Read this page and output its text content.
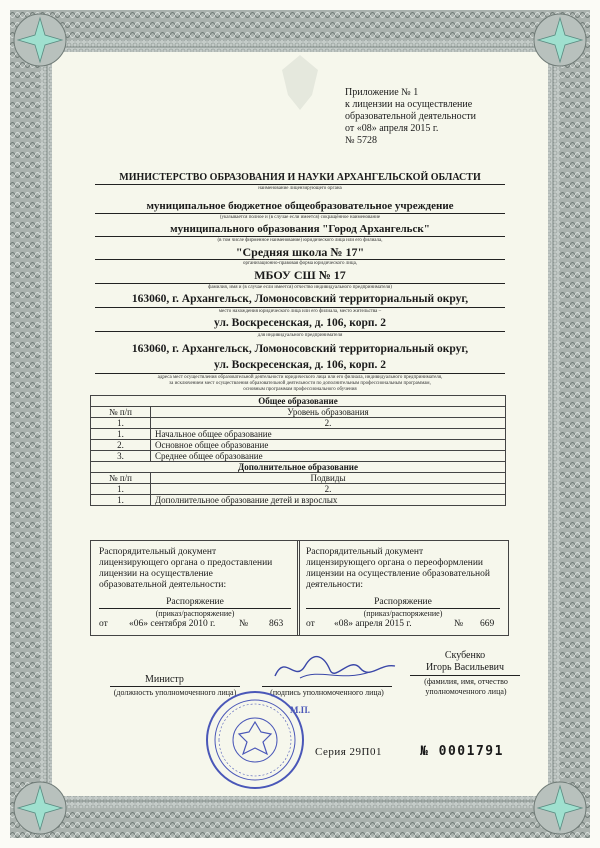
Приложение № 1
к лицензии на осуществление
образовательной деятельности
от «08» апреля 2015 г.
№ 5728
МИНИСТЕРСТВО ОБРАЗОВАНИЯ И НАУКИ АРХАНГЕЛЬСКОЙ ОБЛАСТИ
наименование лицензирующего органа
муниципальное бюджетное общеобразовательное учреждение
(указывается полное и (в случае если имеется) сокращённое наименование
муниципального образования "Город Архангельск"
(в том числе фирменное наименование) юридического лица или его филиала,
"Средняя школа № 17"
организационно-правовая форма юридического лица,
МБОУ СШ № 17
фамилия, имя и (в случае если имеется) отчество индивидуального предпринимателя)
163060, г. Архангельск, Ломоносовский территориальный округ,
место нахождения юридического лица или его филиала, место жительства –
ул. Воскресенская, д. 106, корп. 2
для индивидуального предпринимателя
163060, г. Архангельск, Ломоносовский территориальный округ,
ул. Воскресенская, д. 106, корп. 2
адреса мест осуществления образовательной деятельности юридического лица или его филиала, индивидуального предпринимателя,
за исключением мест осуществления образовательной деятельности по дополнительным профессиональным программам,
основным программам профессионального обучения
Общее образование	
№ п/п	Уровень образования
1.	2.
1.	Начальное общее образование
2.	Основное общее образование
3.	Среднее общее образование
Дополнительное образование	
№ п/п	Подвиды
1.	2.
1.	Дополнительное образование детей и взрослых
Распорядительный документ
лицензирующего органа о предоставлении
лицензии на осуществление
образовательной деятельности:
Распоряжение
(приказ/распоряжение)
от «06» сентября 2010 г. № 863
Распорядительный документ
лицензирующего органа о переоформлении
лицензии на осуществление образовательной
деятельности:
Распоряжение
(приказ/распоряжение)
от «08» апреля 2015 г.	№ 669
Министр
(должность уполномоченного лица)	(подпись уполномоченного лица)
Скубенко
Игорь Васильевич
(фамилия, имя, отчество
уполномоченного лица)
М.П.
Серия 29П01	№ 0001791
